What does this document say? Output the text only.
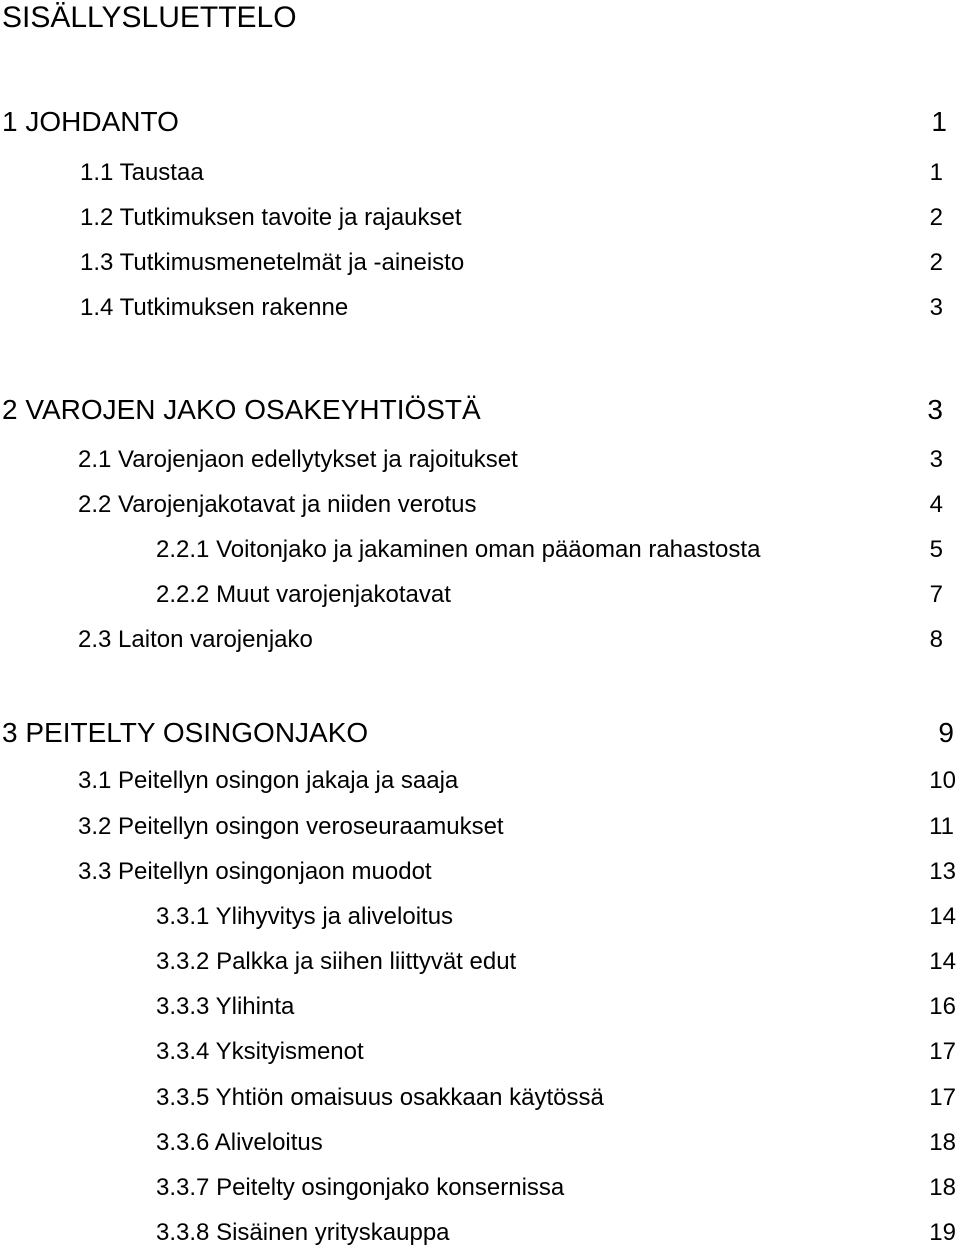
SISÄLLYSLUETTELO
1 JOHDANTO	1
1.1 Taustaa	1
1.2 Tutkimuksen tavoite ja rajaukset	2
1.3 Tutkimusmenetelmät ja -aineisto	2
1.4 Tutkimuksen rakenne	3
2 VAROJEN JAKO OSAKEYHTIÖSTÄ	3
2.1 Varojenjaon edellytykset ja rajoitukset	3
2.2 Varojenjakotavat ja niiden verotus	4
2.2.1 Voitonjako ja jakaminen oman pääoman rahastosta	5
2.2.2 Muut varojenjakotavat	7
2.3 Laiton varojenjako	8
3 PEITELTY OSINGONJAKO	9
3.1 Peitellyn osingon jakaja ja saaja	10
3.2 Peitellyn osingon veroseuraamukset	11
3.3 Peitellyn osingonjaon muodot	13
3.3.1 Ylihyvitys ja aliveloitus	14
3.3.2 Palkka ja siihen liittyvät edut	14
3.3.3 Ylihinta	16
3.3.4 Yksityismenot	17
3.3.5 Yhtiön omaisuus osakkaan käytössä	17
3.3.6 Aliveloitus	18
3.3.7 Peitelty osingonjako konsernissa	18
3.3.8 Sisäinen yrityskauppa	19
